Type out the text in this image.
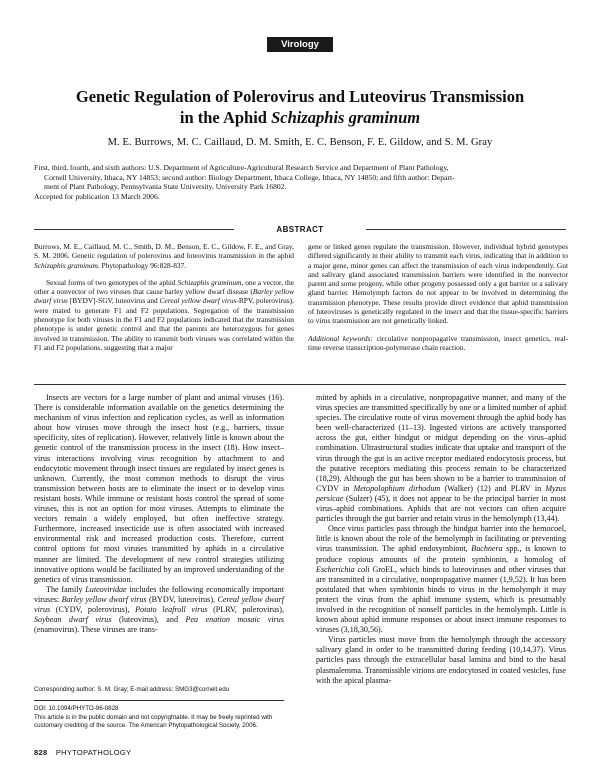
Virology
Genetic Regulation of Polerovirus and Luteovirus Transmission
in the Aphid Schizaphis graminum
M. E. Burrows, M. C. Caillaud, D. M. Smith, E. C. Benson, F. E. Gildow, and S. M. Gray
First, third, fourth, and sixth authors: U.S. Department of Agriculture-Agricultural Research Service and Department of Plant Pathology,
Cornell University, Ithaca, NY 14853; second author: Biology Department, Ithaca College, Ithaca, NY 14850; and fifth author: Depart-
ment of Plant Pathology, Pennsylvania State University, University Park 16802.
Accepted for publication 13 March 2006.
ABSTRACT

Burrows, M. E., Caillaud, M. C., Smith, D. M., Benson, E. C., Gildow, F. E., and Gray, S. M. 2006. Genetic regulation of polerovirus and luteovirus transmission in the aphid Schizaphis graminum. Phytopathology 96:828-837.

Sexual forms of two genotypes of the aphid Schizaphis graminum, one a vector, the other a nonvector of two viruses that cause barley yellow dwarf disease (Barley yellow dwarf virus [BYDV]-SGV, luteovirus and Cereal yellow dwarf virus-RPV, polerovirus), were mated to generate F1 and F2 populations. Segregation of the transmission phenotype for both viruses in the F1 and F2 populations indicated that the transmission phenotype is under genetic control and that the parents are heterozygous for genes involved in transmission. The ability to transmit both viruses was correlated within the F1 and F2 populations, suggesting that a major

gene or linked genes regulate the transmission. However, individual hybrid genotypes differed significantly in their ability to transmit each virus, indicating that in addition to a major gene, minor genes can affect the transmission of each virus independently. Gut and salivary gland associated transmission barriers were identified in the nonvector parent and some progeny, while other progeny possessed only a gut barrier or a salivary gland barrier. Hemolymph factors do not appear to be involved in determining the transmission phenotype. These results provide direct evidence that aphid transmission of luteoviruses is genetically regulated in the insect and that the tissue-specific barriers to virus transmission are not genetically linked.

Additional keywords: circulative nonpropagative transmission, insect genetics, real-time reverse transcription-polymerase chain reaction.

Insects are vectors for a large number of plant and animal viruses (16). There is considerable information available on the genetics determining the mechanism of virus infection and replication cycles, as well as information about how viruses move through the insect host (e.g., barriers, tissue specificity, sites of replication). However, relatively little is known about the genetic control of the transmission process in the insect (18). How insect–virus interactions involving virus recognition by attachment to and endocytotic movement through insect tissues are regulated by insect genes is unknown. Currently, the most common methods to disrupt the virus transmission between hosts are to eliminate the insect or to develop virus resistant hosts. While immune or resistant hosts control the spread of some viruses, this is not an option for most viruses. Attempts to eliminate the vectors remain a widely employed, but often ineffective strategy. Furthermore, increased insecticide use is often associated with increased environmental risk and increased production costs. Therefore, current control options for most viruses transmitted by aphids in a circulative manner are limited. The development of new control strategies utilizing innovative options would be facilitated by an improved understanding of the genetics of virus transmission.

The family Luteoviridae includes the following economically important viruses: Barley yellow dwarf virus (BYDV, luteovirus), Cereal yellow dwarf virus (CYDV, polerovirus), Potato leafroll virus (PLRV, polerovirus), Soybean dwarf virus (luteovirus), and Pea enation mosaic virus (enamovirus). These viruses are trans-

mitted by aphids in a circulative, nonpropagative manner, and many of the virus species are transmitted specifically by one or a limited number of aphid species. The circulative route of virus movement through the aphid body has been well-characterized (11–13). Ingested virions are actively transported across the gut, either hindgut or midgut depending on the virus–aphid combination. Ultrastructural studies indicate that uptake and transport of the virus through the gut is an active receptor mediated endocytosis process, but the putative receptors mediating this process remain to be characterized (18,29). Although the gut has been shown to be a barrier to transmission of CYDV in Metopolophium dirhodum (Walker) (12) and PLRV in Myzus persicae (Sulzer) (45), it does not appear to be the principal barrier in most virus–aphid combinations. Aphids that are not vectors can often acquire particles through the gut barrier and retain virus in the hemolymph (13,44).

Once virus particles pass through the hindgut barrier into the hemocoel, little is known about the role of the hemolymph in facilitating or preventing virus transmission. The aphid endosymbiont, Buchnera spp., is known to produce copious amounts of the protein symbionin, a homolog of Escherichia coli GroEL, which binds to luteoviruses and other viruses that are transmitted in a circulative, nonpropagative manner (1,9,52). It has been postulated that when symbionin binds to virus in the hemolymph it may protect the virus from the aphid immune system, which is presumably involved in the recognition of nonself particles in the hemolymph. Little is known about aphid immune responses or about insect immune responses to viruses (3,18,30,56).

Virus particles must move from the hemolymph through the accessory salivary gland in order to be transmitted during feeding (10,14,37). Virus particles pass through the extracellular basal lamina and bind to the basal plasmalemma. Transmissible virions are endocytosed in coated vesicles, fuse with the apical plasma-

Corresponding author: S. M. Gray; E-mail address: SMG3@cornell.edu
DOI: 10.1094/PHYTO-96-0828
This article is in the public domain and not copyrightable. It may be freely reprinted with customary crediting of the source. The American Phytopathological Society, 2006.
828 PHYTOPATHOLOGY
